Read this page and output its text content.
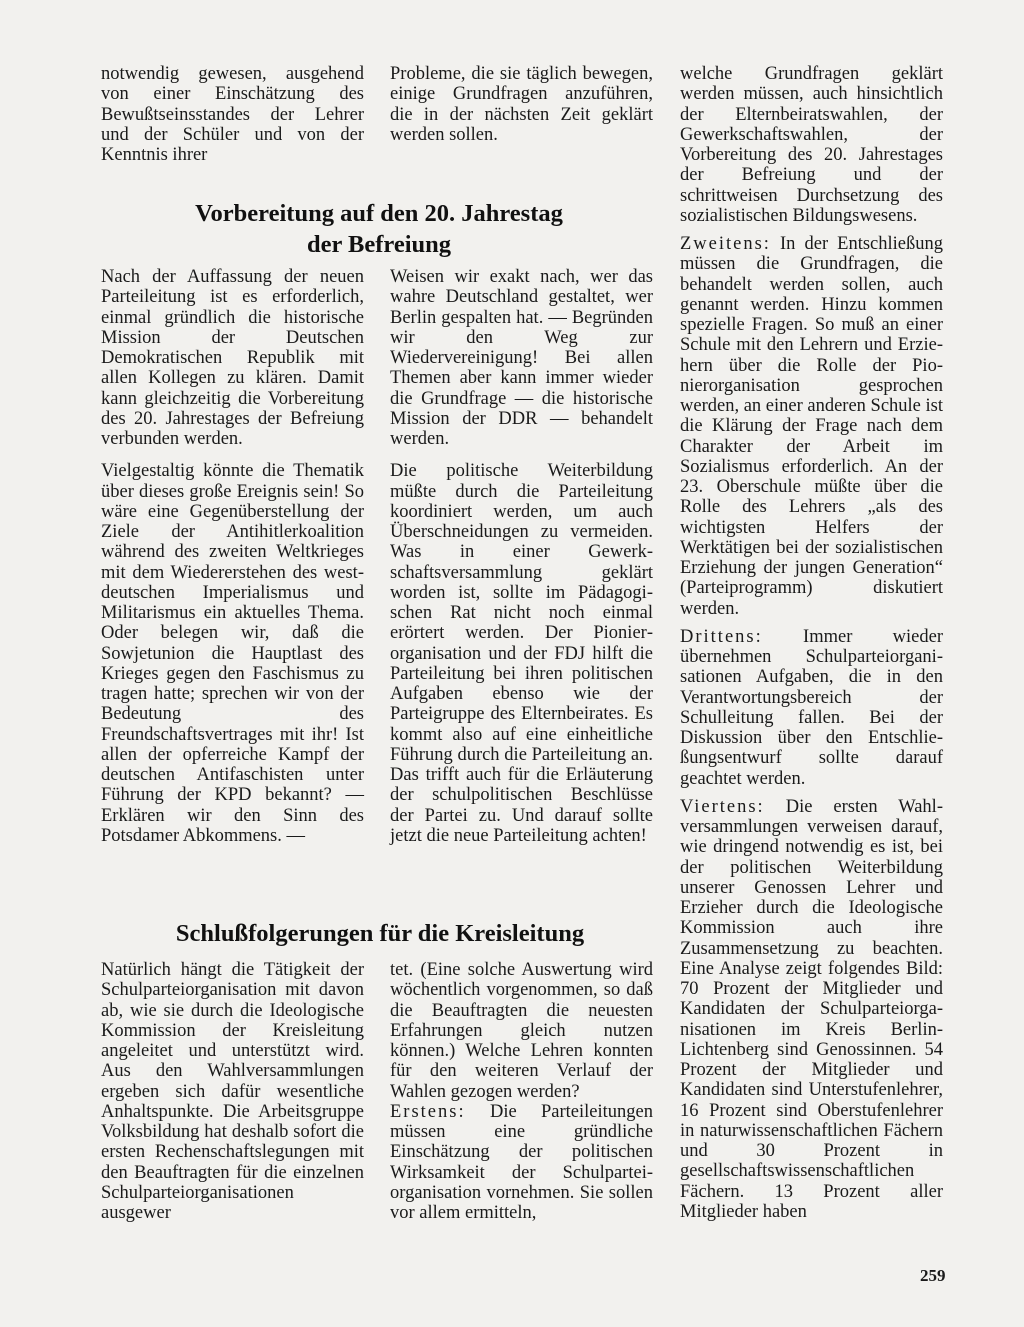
notwendig gewesen, ausgehend von einer Einschätzung des Bewußtseinsstandes der Lehrer und der Schüler und von der Kenntnis ihrer

Probleme, die sie täglich bewegen, einige Grundfragen anzuführen, die in der nächsten Zeit geklärt werden sollen.

Vorbereitung auf den 20. Jahrestag
der Befreiung

Nach der Auffassung der neuen Parteileitung ist es erforderlich, einmal gründlich die historische Mission der Deutschen Demokratischen Republik mit allen Kollegen zu klären. Damit kann gleichzeitig die Vorbereitung des 20. Jahrestages der Befreiung verbunden werden.

Vielgestaltig könnte die Thematik über dieses große Ereignis sein! So wäre eine Gegenüberstellung der Ziele der Antihitlerkoalition während des zweiten Weltkrieges mit dem Wiedererstehen des westdeutschen Imperialismus und Militarismus ein aktuelles Thema. Oder belegen wir, daß die Sowjetunion die Hauptlast des Krieges gegen den Faschismus zu tragen hatte; sprechen wir von der Bedeutung des Freundschaftsvertrages mit ihr! Ist allen der opferreiche Kampf der deutschen Antifaschisten unter Führung der KPD bekannt? — Erklären wir den Sinn des Potsdamer Abkommens. —

Weisen wir exakt nach, wer das wahre Deutschland gestaltet, wer Berlin gespalten hat. — Begründen wir den Weg zur Wiedervereinigung! Bei allen Themen aber kann immer wieder die Grundfrage — die historische Mission der DDR — behandelt werden.

Die politische Weiterbildung müßte durch die Parteileitung koordiniert werden, um auch Überschneidungen zu vermeiden. Was in einer Gewerkschaftsversammlung geklärt worden ist, sollte im Pädagogischen Rat nicht noch einmal erörtert werden. Der Pionierorganisation und der FDJ hilft die Parteileitung bei ihren politischen Aufgaben ebenso wie der Parteigruppe des Elternbeirates. Es kommt also auf eine einheitliche Führung durch die Parteileitung an. Das trifft auch für die Erläuterung der schulpolitischen Beschlüsse der Partei zu. Und darauf sollte jetzt die neue Parteileitung achten!

Schlußfolgerungen für die Kreisleitung

Natürlich hängt die Tätigkeit der Schulparteiorganisation mit davon ab, wie sie durch die Ideologische Kommission der Kreisleitung angeleitet und unterstützt wird. Aus den Wahlversammlungen ergeben sich dafür wesentliche Anhaltspunkte. Die Arbeitsgruppe Volksbildung hat deshalb sofort die ersten Rechenschaftslegungen mit den Beauftragten für die einzelnen Schulparteiorganisationen ausgewer

tet. (Eine solche Auswertung wird wöchentlich vorgenommen, so daß die Beauftragten die neuesten Erfahrungen gleich nutzen können.) Welche Lehren konnten für den weiteren Verlauf der Wahlen gezogen werden?

Erstens: Die Parteileitungen müssen eine gründliche Einschätzung der politischen Wirksamkeit der Schulparteiorganisation vornehmen. Sie sollen vor allem ermitteln,

welche Grundfragen geklärt werden müssen, auch hinsichtlich der Elternbeiratswahlen, der Gewerkschaftswahlen, der Vorbereitung des 20. Jahrestages der Befreiung und der schrittweisen Durchsetzung des sozialistischen Bildungswesens.

Zweitens: In der Entschließung müssen die Grundfragen, die behandelt werden sollen, auch genannt werden. Hinzu kommen spezielle Fragen. So muß an einer Schule mit den Lehrern und Erziehern über die Rolle der Pionierorganisation gesprochen werden, an einer anderen Schule ist die Klärung der Frage nach dem Charakter der Arbeit im Sozialismus erforderlich. An der 23. Oberschule müßte über die Rolle des Lehrers „als des wichtigsten Helfers der Werktätigen bei der sozialistischen Erziehung der jungen Generation“ (Parteiprogramm) diskutiert werden.

Drittens: Immer wieder übernehmen Schulparteiorganisationen Aufgaben, die in den Verantwortungsbereich der Schulleitung fallen. Bei der Diskussion über den Entschließungsentwurf sollte darauf geachtet werden.

Viertens: Die ersten Wahlversammlungen verweisen darauf, wie dringend notwendig es ist, bei der politischen Weiterbildung unserer Genossen Lehrer und Erzieher durch die Ideologische Kommission auch ihre Zusammensetzung zu beachten. Eine Analyse zeigt folgendes Bild: 70 Prozent der Mitglieder und Kandidaten der Schulparteiorganisationen im Kreis Berlin-Lichtenberg sind Genossinnen. 54 Prozent der Mitglieder und Kandidaten sind Unterstufenlehrer, 16 Prozent sind Oberstufenlehrer in naturwissenschaftlichen Fächern und 30 Prozent in gesellschaftswissenschaftlichen Fächern. 13 Prozent aller Mitglieder haben

259
